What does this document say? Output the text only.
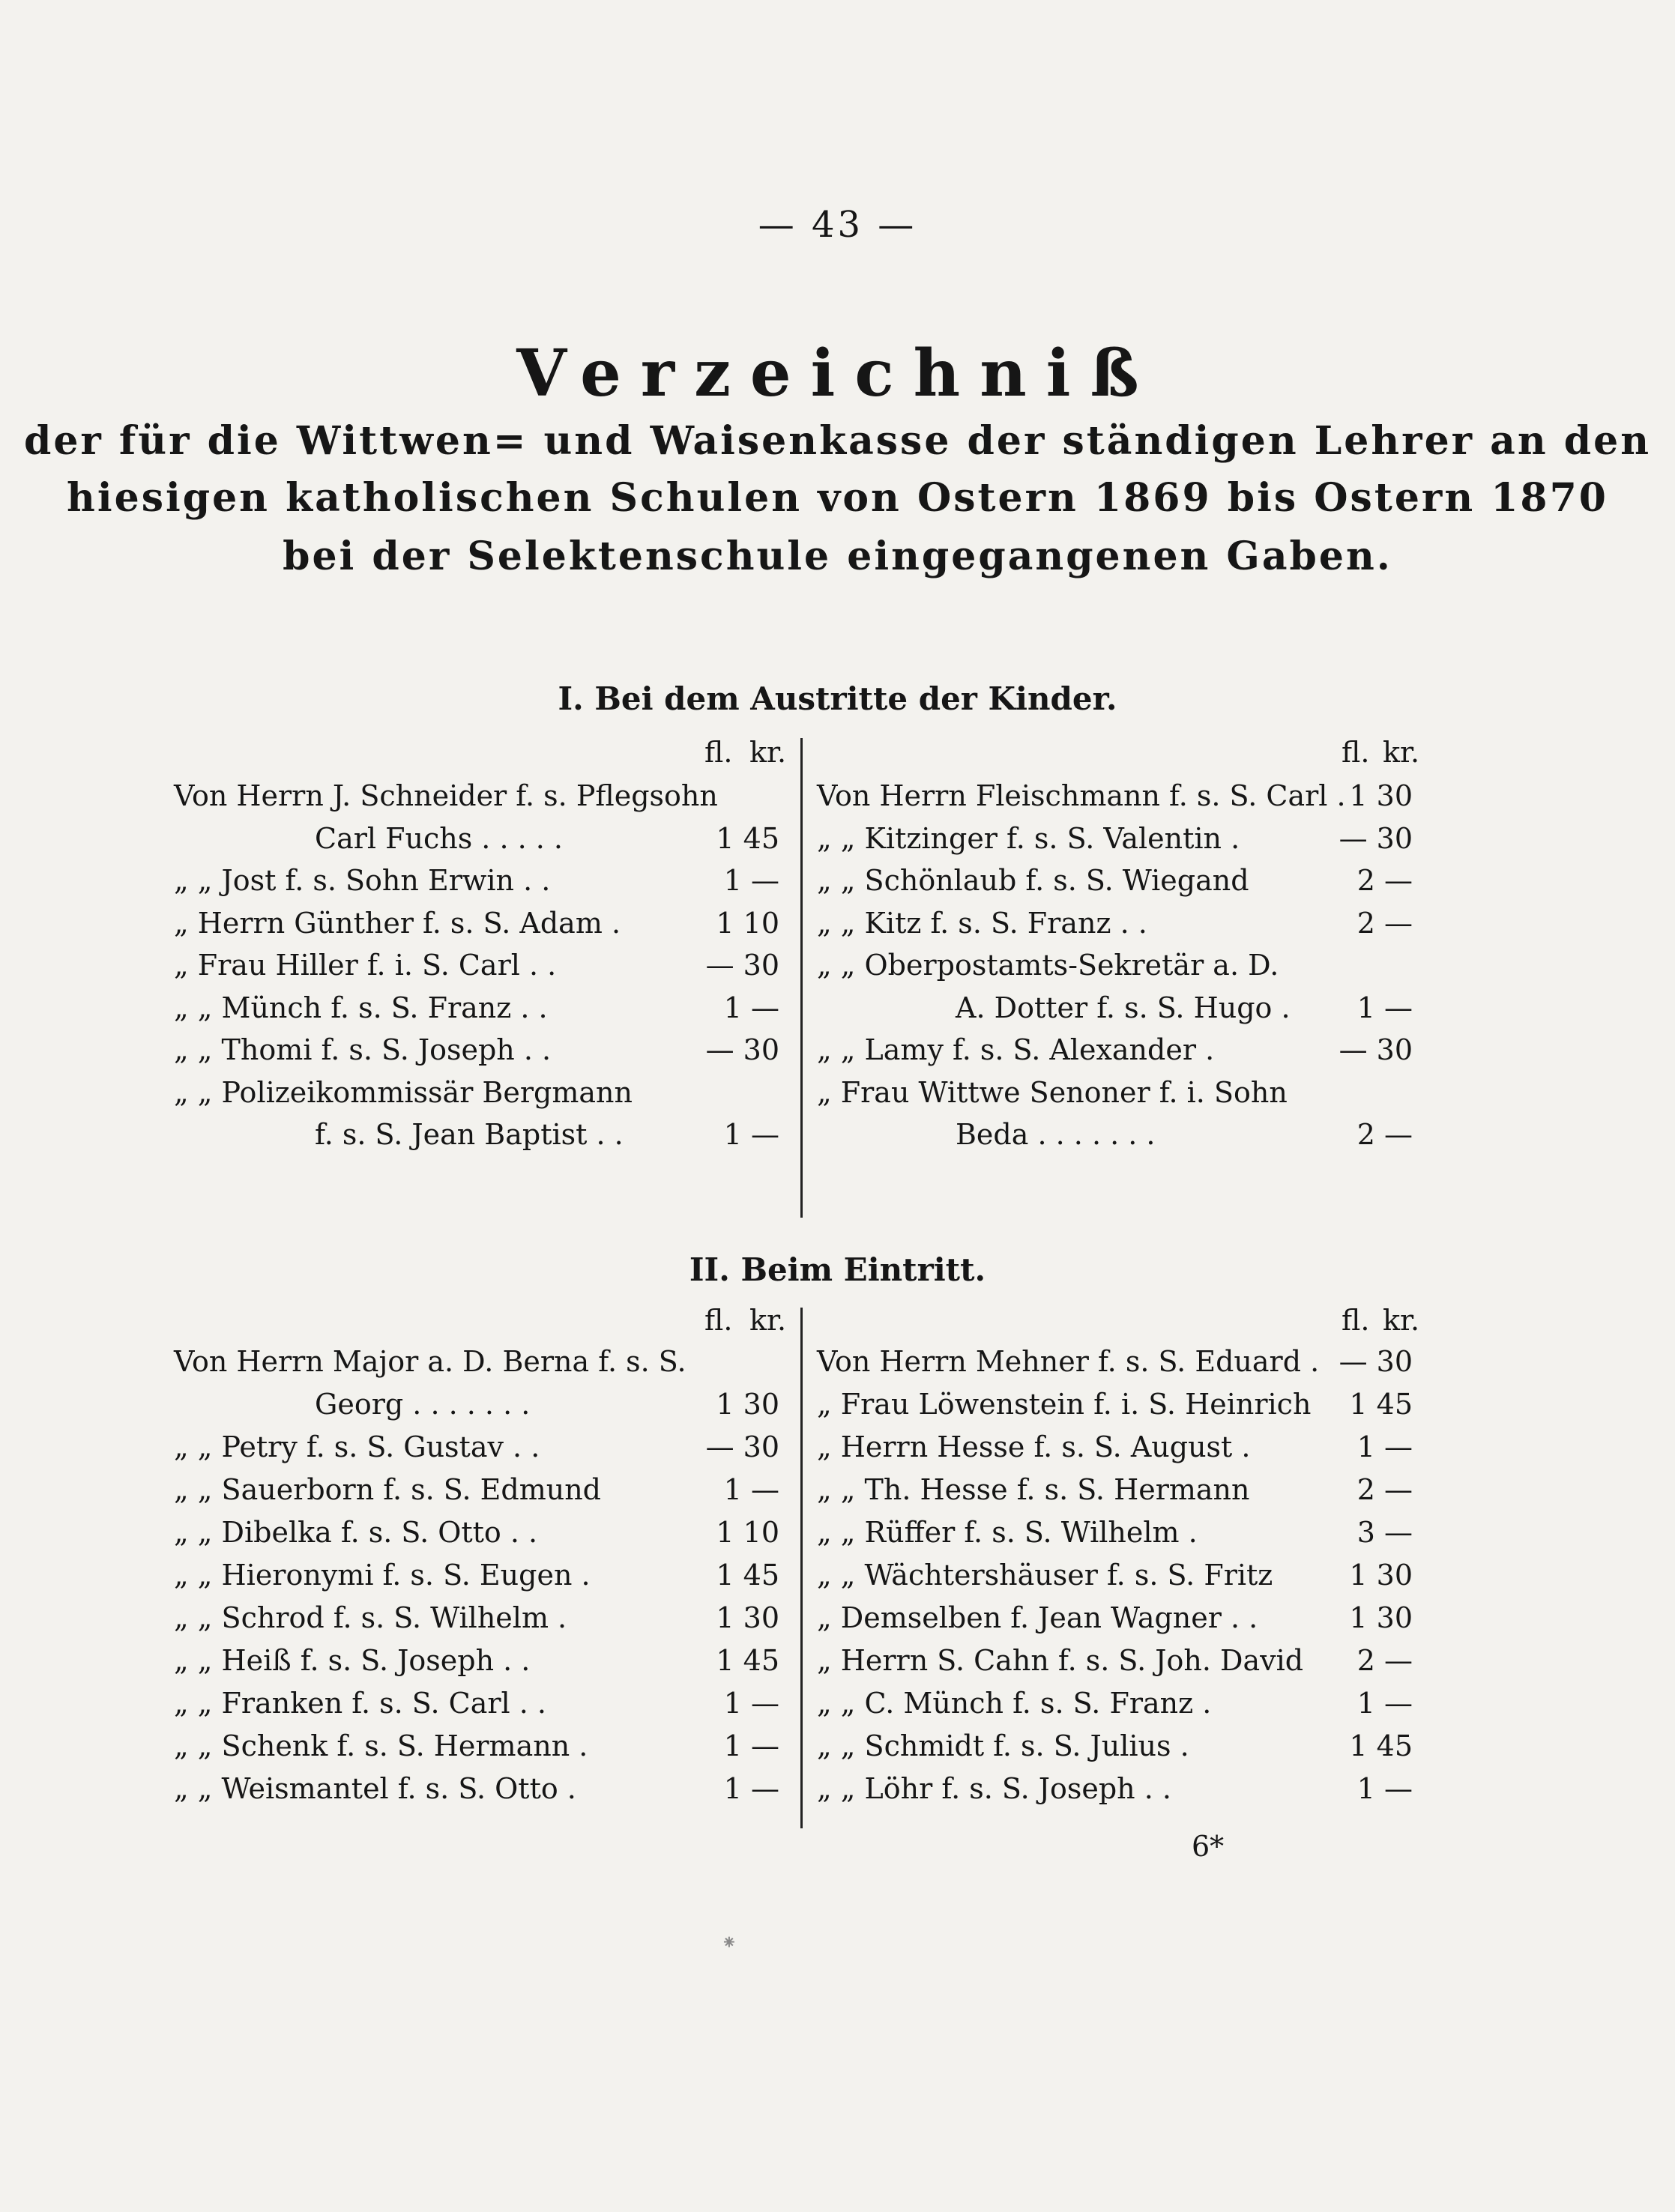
— 43 —
Verzeichniß
der für die Wittwen= und Waisenkasse der ständigen Lehrer an den
hiesigen katholischen Schulen von Ostern 1869 bis Ostern 1870
bei der Selektenschule eingegangenen Gaben.
I. Bei dem Austritte der Kinder.
fl. kr.	fl. kr.
Von Herrn J. Schneider f. s. Pflegsohn
Carl Fuchs . . . . .	1 45
„ „ Jost f. s. Sohn Erwin . .	1 —
„ Herrn Günther f. s. S. Adam .	1 10
„ Frau Hiller f. i. S. Carl . .	— 30
„ „ Münch f. s. S. Franz . .	1 —
„ „ Thomi f. s. S. Joseph . .	— 30
„ „ Polizeikommissär Bergmann
f. s. S. Jean Baptist . .	1 —
Von Herrn Fleischmann f. s. S. Carl . 1 30
„ „ Kitzinger f. s. S. Valentin .	— 30
„ „ Schönlaub f. s. S. Wiegand	2 —
„ „ Kitz f. s. S. Franz . .	2 —
„ „ Oberpostamts-Sekretär a. D.
A. Dotter f. s. S. Hugo .	1 —
„ „ Lamy f. s. S. Alexander .	— 30
„ Frau Wittwe Senoner f. i. Sohn
Beda . . . . . . .	2 —
II. Beim Eintritt.
fl. kr.	fl. kr.
Von Herrn Major a. D. Berna f. s. S.
Georg . . . . . . .	1 30
„ „ Petry f. s. S. Gustav . .	— 30
„ „ Sauerborn f. s. S. Edmund	1 —
„ „ Dibelka f. s. S. Otto . .	1 10
„ „ Hieronymi f. s. S. Eugen .	1 45
„ „ Schrod f. s. S. Wilhelm .	1 30
„ „ Heiß f. s. S. Joseph . .	1 45
„ „ Franken f. s. S. Carl . .	1 —
„ „ Schenk f. s. S. Hermann .	1 —
„ „ Weismantel f. s. S. Otto .	1 —
Von Herrn Mehner f. s. S. Eduard . — 30
„ Frau Löwenstein f. i. S. Heinrich	1 45
„ Herrn Hesse f. s. S. August .	1 —
„ „ Th. Hesse f. s. S. Hermann	2 —
„ „ Rüffer f. s. S. Wilhelm .	3 —
„ „ Wächtershäuser f. s. S. Fritz	1 30
„ Demselben f. Jean Wagner . .	1 30
„ Herrn S. Cahn f. s. S. Joh. David	2 —
„ „ C. Münch f. s. S. Franz .	1 —
„ „ Schmidt f. s. S. Julius .	1 45
„ „ Löhr f. s. S. Joseph . .	1 —
6*
⁕
